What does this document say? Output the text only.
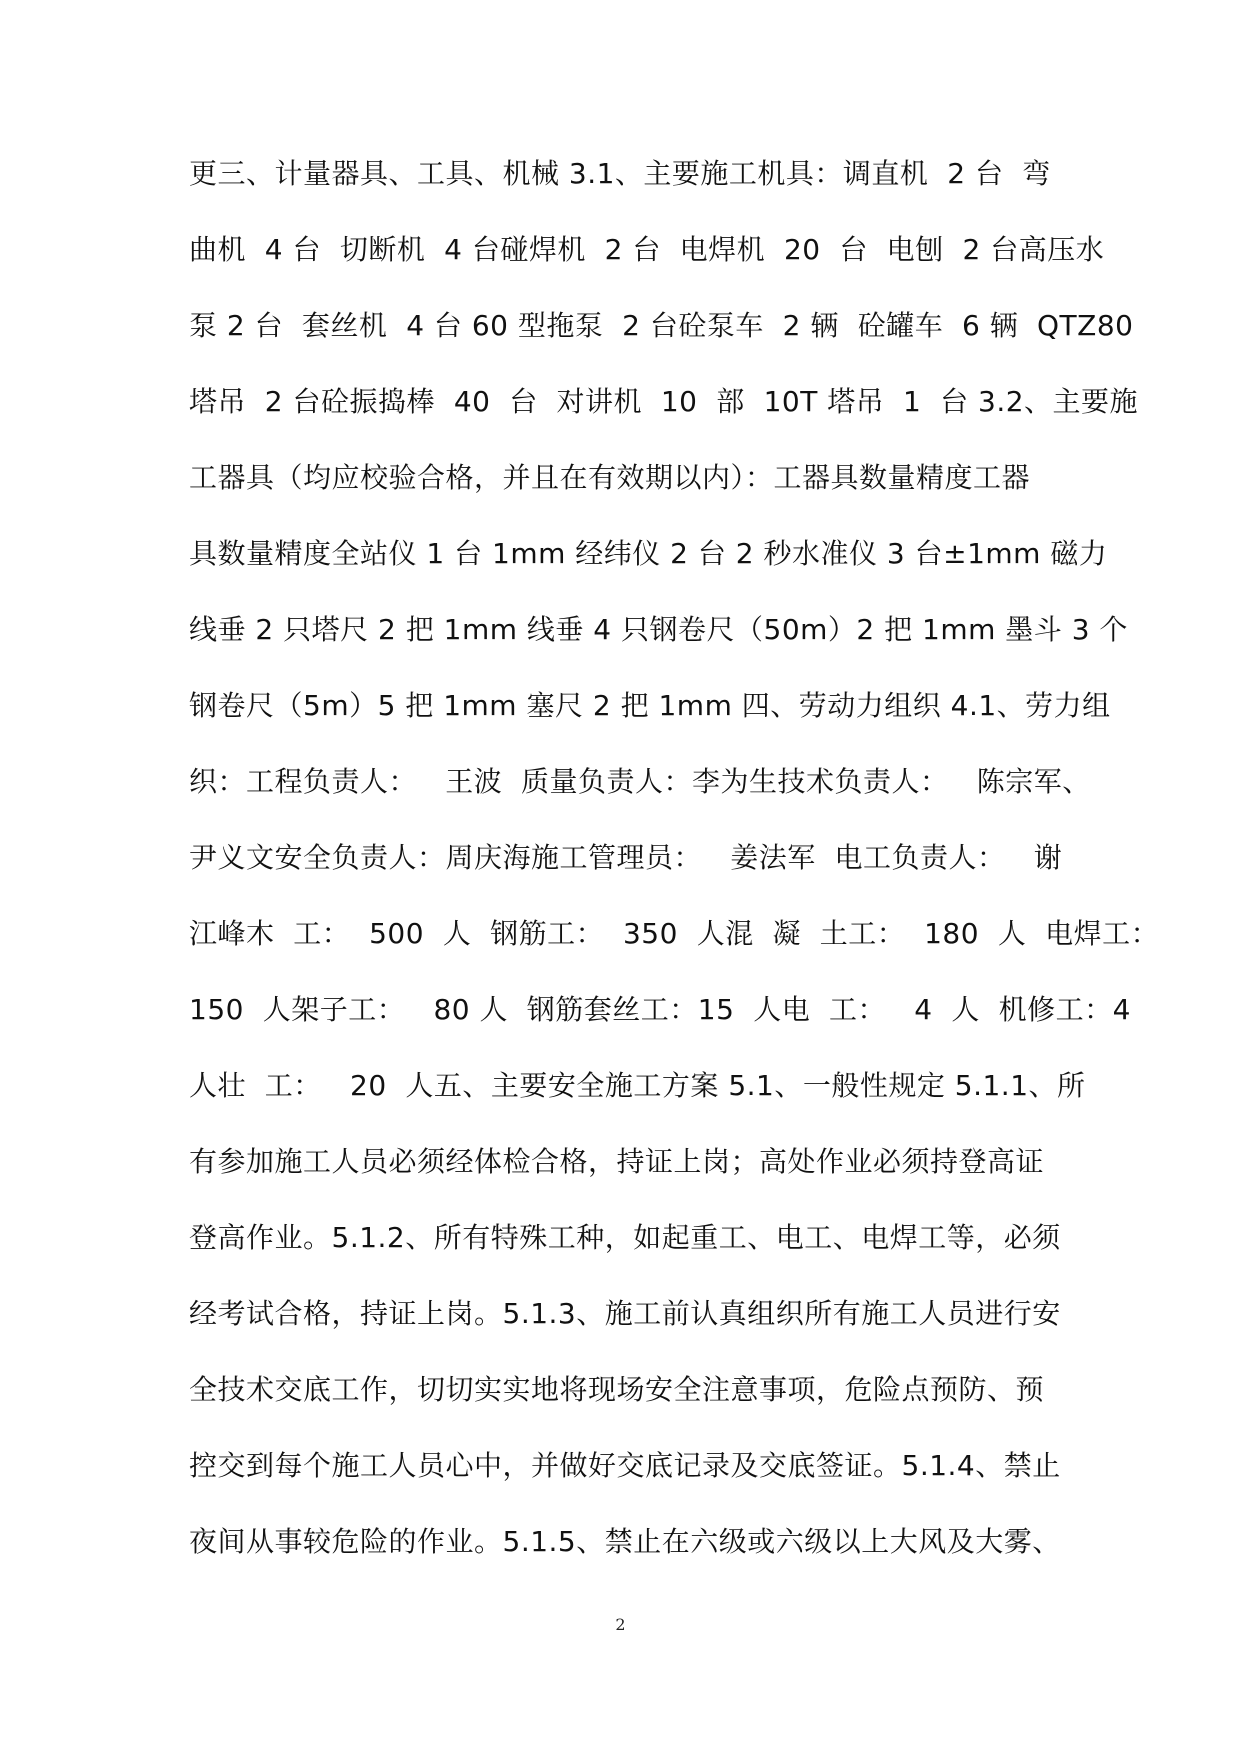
更三、计量器具、工具、机械 3.1、主要施工机具：调直机  2 台  弯
曲机  4 台  切断机  4 台碰焊机  2 台  电焊机  20  台  电刨  2 台高压水
泵 2 台  套丝机  4 台 60 型拖泵  2 台砼泵车  2 辆  砼罐车  6 辆  QTZ80
塔吊  2 台砼振捣棒  40  台  对讲机  10  部  10T 塔吊  1  台 3.2、主要施
工器具（均应校验合格，并且在有效期以内）：工器具数量精度工器
具数量精度全站仪 1 台 1mm 经纬仪 2 台 2 秒水准仪 3 台±1mm 磁力
线垂 2 只塔尺 2 把 1mm 线垂 4 只钢卷尺（50m）2 把 1mm 墨斗 3 个
钢卷尺（5m）5 把 1mm 塞尺 2 把 1mm 四、劳动力组织 4.1、劳力组
织：工程负责人：   王波  质量负责人：李为生技术负责人：   陈宗军、
尹义文安全负责人：周庆海施工管理员：   姜法军  电工负责人：   谢
江峰木  工：  500  人  钢筋工：  350  人混  凝  土工：  180  人  电焊工：
150  人架子工：   80 人  钢筋套丝工：15  人电  工：   4  人  机修工：4
人壮  工：   20  人五、主要安全施工方案 5.1、一般性规定 5.1.1、所
有参加施工人员必须经体检合格，持证上岗；高处作业必须持登高证
登高作业。5.1.2、所有特殊工种，如起重工、电工、电焊工等，必须
经考试合格，持证上岗。5.1.3、施工前认真组织所有施工人员进行安
全技术交底工作，切切实实地将现场安全注意事项，危险点预防、预
控交到每个施工人员心中，并做好交底记录及交底签证。5.1.4、禁止
夜间从事较危险的作业。5.1.5、禁止在六级或六级以上大风及大雾、
2
